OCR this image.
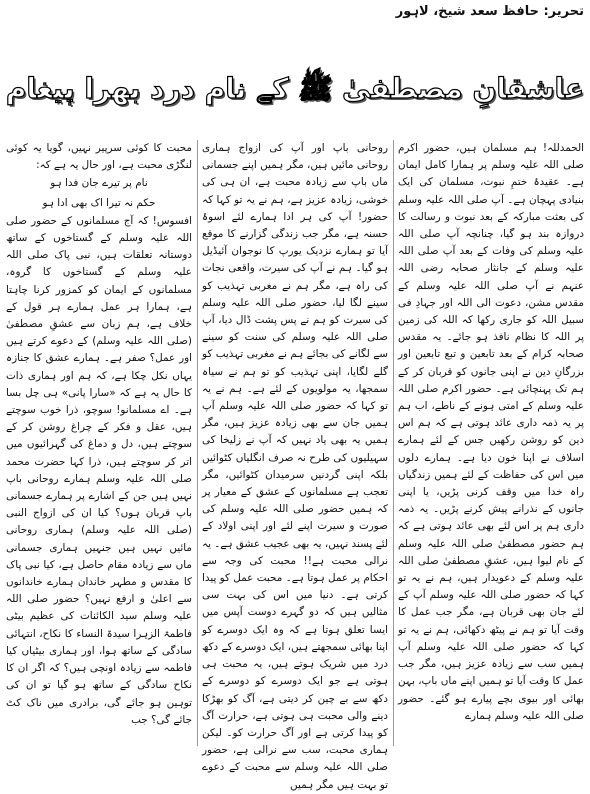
تحریر: حافظ سعد شیخ، لاہور
عاشقانِ مصطفیٰ ﷺ کے نام درد بھرا پیغام

الحمدللہ! ہم مسلمان ہیں، حضور اکرم صلی اللہ علیہ وسلم پر ہمارا کامل ایمان ہے۔ عقیدۂ ختمِ نبوت، مسلمان کی ایک بنیادی پہچان ہے۔ آپ صلی اللہ علیہ وسلم کی بعثت مبارکہ کے بعد نبوت و رسالت کا دروازہ بند ہو گیا، چنانچہ آپ صلی اللہ علیہ وسلم کی وفات کے بعد آپ صلی اللہ علیہ وسلم کے جانثار صحابہ رضی اللہ عنہم نے آپ صلی اللہ علیہ وسلم کے مقدس مشن، دعوت الی اللہ اور جہادِ فی سبیل اللہ کو جاری رکھا کہ اللہ کی زمین پر اللہ کا نظام نافذ ہو جائے۔ یہ مقدس صحابہ کرام کے بعد تابعین و تبع تابعین اور بزرگانِ دین نے اپنی جانوں کو قربان کر کے ہم تک پہنچائی ہے۔ حضور اکرم صلی اللہ علیہ وسلم کے امتی ہونے کے ناطے، اب ہم پر یہ ذمہ داری عائد ہوتی ہے کہ ہم اس دین کو روشن رکھیں جس کے لئے ہمارے اسلاف نے اپنا خون دیا ہے۔ ہمارے دلوں میں اس کی حفاظت کے لئے ہمیں زندگیاں راہ خدا میں وقف کرنی پڑیں، یا اپنی جانوں کے نذرانے پیش کرنے پڑیں۔ یہ ذمہ داری ہم پر اس لئے بھی عائد ہوتی ہے کہ ہم حضور مصطفیٰ صلی اللہ علیہ وسلم کے نام لیوا ہیں، عشقِ مصطفیٰ صلی اللہ علیہ وسلم کے دعویدار ہیں، ہم نے یہ تو کہا کہ حضور صلی اللہ علیہ وسلم آپ کے لئے جان بھی قربان ہے، مگر جب عمل کا وقت آیا تو ہم نے پیٹھ دکھائی، ہم نے یہ تو کہا کہ حضور صلی اللہ علیہ وسلم آپ ہمیں سب سے زیادہ عزیز ہیں، مگر جب عمل کا وقت آیا تو ہمیں اپنے ماں باپ، بہن بھائی اور بیوی بچے پیارے ہو گئے۔ حضور صلی اللہ علیہ وسلم ہمارے

روحانی باپ اور آپ کی ازواج ہماری روحانی مائیں ہیں، مگر ہمیں اپنے جسمانی ماں باپ سے زیادہ محبت ہے، ان ہی کی خوشی، زیادہ عزیز ہے، ہم نے یہ تو کہا کہ حضور! آپ کی ہر ادا ہمارے لئے اسوۂ حسنہ ہے، مگر جب زندگی گزارنے کا موقع آیا تو ہمارے نزدیک یورپ کا نوجوان آئیڈیل ہو گیا۔ ہم نے آپ کی سیرت، واقعی نجات کی راہ ہے، مگر ہم نے مغربی تہذیب کو سینے لگا لیا، حضور صلی اللہ علیہ وسلم کی سیرت کو ہم نے پس پشت ڈال دیا، آپ صلی اللہ علیہ وسلم کی سنت کو سینے سے لگانے کی بجائے ہم نے مغربی تہذیب کو گلے لگایا، اپنی تہذیب کو تو ہم نے سیاہ سمجھا، یہ مولویوں کے لئے ہے۔ ہم نے یہ تو کہا کہ حضور صلی اللہ علیہ وسلم آپ ہمیں جان سے بھی زیادہ عزیز ہیں، مگر ہمیں یہ بھی یاد نہیں کہ آپ نے زلیخا کی سہیلیوں کی طرح نہ صرف انگلیاں کٹوائیں بلکہ اپنی گردنیں سرمیدان کٹوائیں، مگر تعجب ہے مسلمانوں کے عشق کے معیار پر کہ ہمیں حضور صلی اللہ علیہ وسلم کی صورت و سیرت اپنے لئے اور اپنی اولاد کے لئے پسند نہیں، یہ بھی عجیب عشق ہے۔ یہ نرالی محبت ہے!! محبت کی وجہ سے احکام پر عمل ہوتا ہے۔ محبت عمل کو پیدا کرتی ہے۔ دنیا میں اس کی بہت سی مثالیں ہیں کہ دو گہرے دوست آپس میں ایسا تعلق ہوتا ہے کہ وہ ایک دوسرے کو اپنا بھائی سمجھتے ہیں، ایک دوسرے کے دکھ درد میں شریک ہوتے ہیں، یہ محبت ہی ہوتی ہے جو ایک دوسرے کو دوسرے کے دکھ سے بے چین کر دیتی ہے، آگ کو بھڑکا دینے والی محبت ہی ہوتی ہے، حرارت آگ کو پیدا کرتی ہے اور آگ حرارت کو۔ لیکن ہماری محبت، سب سے نرالی ہے، حضور صلی اللہ علیہ وسلم سے محبت کے دعوے تو بہت ہیں مگر ہمیں

محبت کا کوئی سرپیر نہیں، گویا یہ کوئی لنگڑی محبت ہے، اور حال یہ ہے کہ:

نام پر تیرے جان فدا ہو
حکم نہ تیرا اک بھی ادا ہو

افسوس! کہ آج مسلمانوں کے حضور صلی اللہ علیہ وسلم کے گستاخوں کے ساتھ دوستانہ تعلقات ہیں، نبی پاک صلی اللہ علیہ وسلم کے گستاخوں کا گروہ، مسلمانوں کے ایمان کو کمزور کرنا چاہتا ہے، ہمارا ہر عمل ہمارے ہر قول کے خلاف ہے، ہم زبان سے عشقِ مصطفیٰ (صلی اللہ علیہ وسلم) کے دعوے کرتے ہیں اور عمل؟ صفر ہے۔ ہمارے عشق کا جنازہ یہاں نکل چکا ہے، کہ ہم اور ہماری ذات کا حال یہ ہے کہ «سارا پانی» ہی چل بسا ہے۔ اے مسلمانو! سوچو، ذرا خوب سوچتے ہیں، عقل و فکر کے چراغ روشن کر کے سوچتے ہیں، دل و دماغ کی گہرائیوں میں اتر کر سوچتے ہیں، ذرا کہا حضرت محمد صلی اللہ علیہ وسلم ہمارے روحانی باپ نہیں ہیں جن کے اشارے پر ہمارے جسمانی باپ قربان ہوں؟ کیا ان کی ازواج النبی (صلی اللہ علیہ وسلم) ہماری روحانی مائیں نہیں ہیں جنہیں ہماری جسمانی ماں سے زیادہ مقام حاصل ہے، کیا نبی پاک کا مقدس و مطہر خاندان ہمارے خاندانوں سے اعلیٰ و ارفع نہیں؟ حضور صلی اللہ علیہ وسلم سید الکائنات کی عظیم بیٹی فاطمۃ الزہرا سیدۃ النساء کا نکاح، انتہائی سادگی کے ساتھ ہوا، اور ہماری بیٹیاں کیا فاطمہ سے زیادہ اونچی ہیں؟ کہ اگر ان کا نکاح سادگی کے ساتھ ہو گیا تو ان کی توہین ہو جائے گی، برادری میں ناک کٹ جائے گی؟ جب
